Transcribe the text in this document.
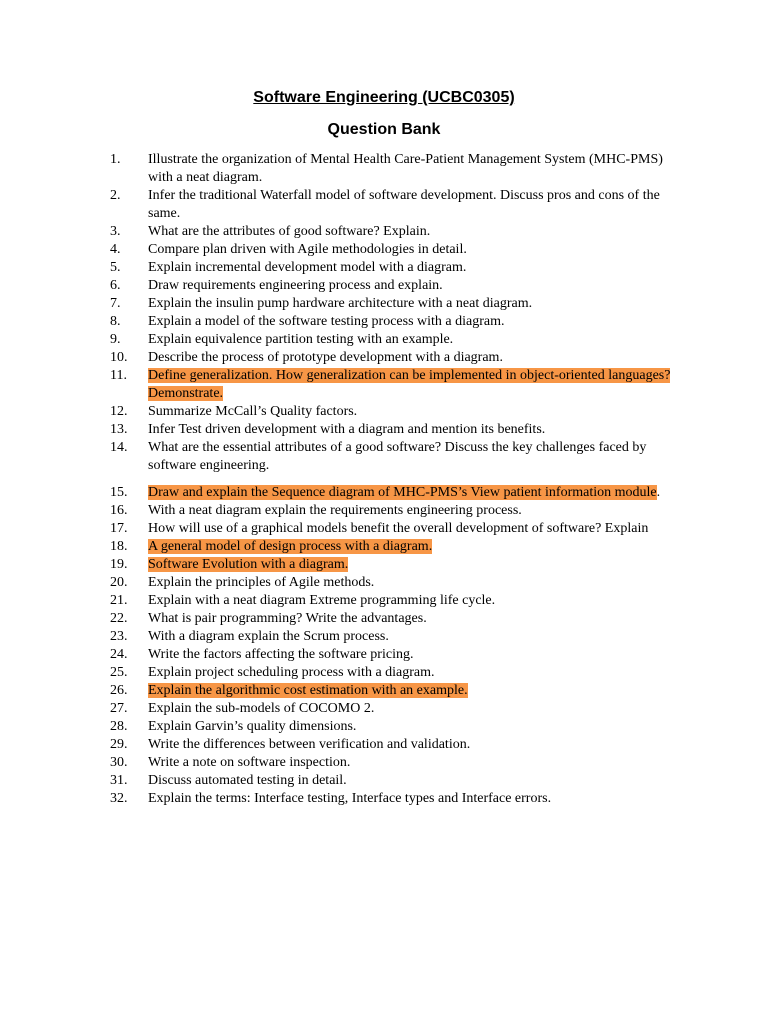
Software Engineering (UCBC0305)
Question Bank
1. Illustrate the organization of Mental Health Care-Patient Management System (MHC-PMS) with a neat diagram.
2. Infer the traditional Waterfall model of software development. Discuss pros and cons of the same.
3. What are the attributes of good software? Explain.
4. Compare plan driven with Agile methodologies in detail.
5. Explain incremental development model with a diagram.
6. Draw requirements engineering process and explain.
7. Explain the insulin pump hardware architecture with a neat diagram.
8. Explain a model of the software testing process with a diagram.
9. Explain equivalence partition testing with an example.
10. Describe the process of prototype development with a diagram.
11. Define generalization. How generalization can be implemented in object-oriented languages? Demonstrate.
12. Summarize McCall’s Quality factors.
13. Infer Test driven development with a diagram and mention its benefits.
14. What are the essential attributes of a good software? Discuss the key challenges faced by software engineering.
15. Draw and explain the Sequence diagram of MHC-PMS’s View patient information module.
16. With a neat diagram explain the requirements engineering process.
17. How will use of a graphical models benefit the overall development of software? Explain
18. A general model of design process with a diagram.
19. Software Evolution with a diagram.
20. Explain the principles of Agile methods.
21. Explain with a neat diagram Extreme programming life cycle.
22. What is pair programming? Write the advantages.
23. With a diagram explain the Scrum process.
24. Write the factors affecting the software pricing.
25. Explain project scheduling process with a diagram.
26. Explain the algorithmic cost estimation with an example.
27. Explain the sub-models of COCOMO 2.
28. Explain Garvin’s quality dimensions.
29. Write the differences between verification and validation.
30. Write a note on software inspection.
31. Discuss automated testing in detail.
32. Explain the terms: Interface testing, Interface types and Interface errors.
